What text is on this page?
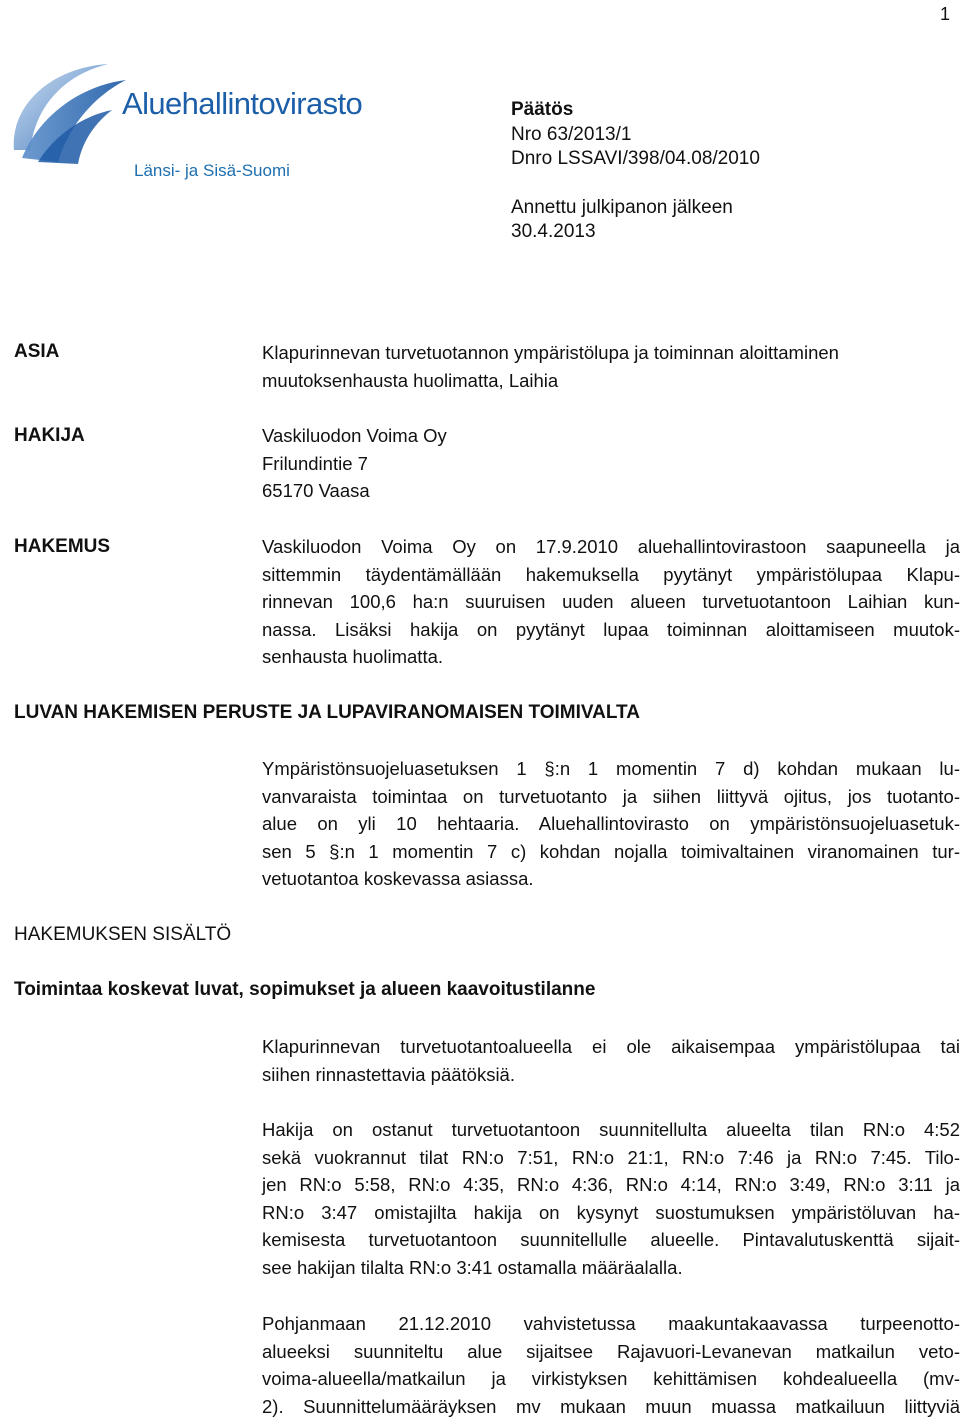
1
Aluehallintovirasto
Länsi- ja Sisä-Suomi
Päätös
Nro 63/2013/1
Dnro LSSAVI/398/04.08/2010
Annettu julkipanon jälkeen
30.4.2013
ASIA	Klapurinnevan turvetuotannon ympäristölupa ja toiminnan aloittaminen
muutoksenhausta huolimatta, Laihia
HAKIJA	Vaskiluodon Voima Oy
Frilundintie 7
65170 Vaasa
HAKEMUS	Vaskiluodon Voima Oy on 17.9.2010 aluehallintovirastoon saapuneella ja
sittemmin täydentämällään hakemuksella pyytänyt ympäristölupaa Klapu-
rinnevan 100,6 ha:n suuruisen uuden alueen turvetuotantoon Laihian kun-
nassa. Lisäksi hakija on pyytänyt lupaa toiminnan aloittamiseen muutok-
senhausta huolimatta.
LUVAN HAKEMISEN PERUSTE JA LUPAVIRANOMAISEN TOIMIVALTA
Ympäristönsuojeluasetuksen 1 §:n 1 momentin 7 d) kohdan mukaan lu-
vanvaraista toimintaa on turvetuotanto ja siihen liittyvä ojitus, jos tuotanto-
alue on yli 10 hehtaaria. Aluehallintovirasto on ympäristönsuojeluasetuk-
sen 5 §:n 1 momentin 7 c) kohdan nojalla toimivaltainen viranomainen tur-
vetuotantoa koskevassa asiassa.
HAKEMUKSEN SISÄLTÖ
Toimintaa koskevat luvat, sopimukset ja alueen kaavoitustilanne
Klapurinnevan turvetuotantoalueella ei ole aikaisempaa ympäristölupaa tai
siihen rinnastettavia päätöksiä.
Hakija on ostanut turvetuotantoon suunnitellulta alueelta tilan RN:o 4:52
sekä vuokrannut tilat RN:o 7:51, RN:o 21:1, RN:o 7:46 ja RN:o 7:45. Tilo-
jen RN:o 5:58, RN:o 4:35, RN:o 4:36, RN:o 4:14, RN:o 3:49, RN:o 3:11 ja
RN:o 3:47 omistajilta hakija on kysynyt suostumuksen ympäristöluvan ha-
kemisesta turvetuotantoon suunnitellulle alueelle. Pintavalutuskenttä sijait-
see hakijan tilalta RN:o 3:41 ostamalla määräalalla.
Pohjanmaan 21.12.2010 vahvistetussa maakuntakaavassa turpeenotto-
alueeksi suunniteltu alue sijaitsee Rajavuori-Levanevan matkailun veto-
voima-alueella/matkailun ja virkistyksen kehittämisen kohdealueella (mv-
2). Suunnittelumääräyksen mv mukaan muun muassa matkailuun liittyviä
